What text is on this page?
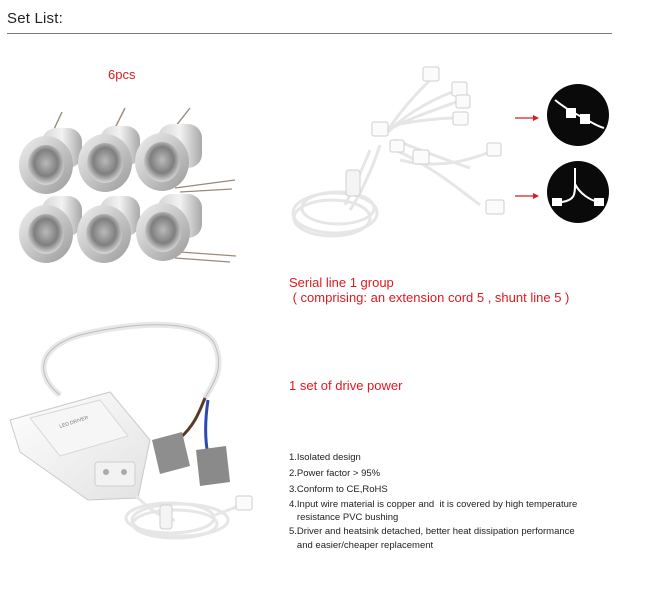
Set List:
6pcs
Serial line 1 group
( comprising: an extension cord 5 , shunt line 5 )
LED DRIVER
1 set of drive power
1.Isolated design
2.Power factor > 95%
3.Conform to CE,RoHS
4.Input wire material is copper and  it is covered by high temperature
resistance PVC bushing
5.Driver and heatsink detached, better heat dissipation performance
and easier/cheaper replacement
